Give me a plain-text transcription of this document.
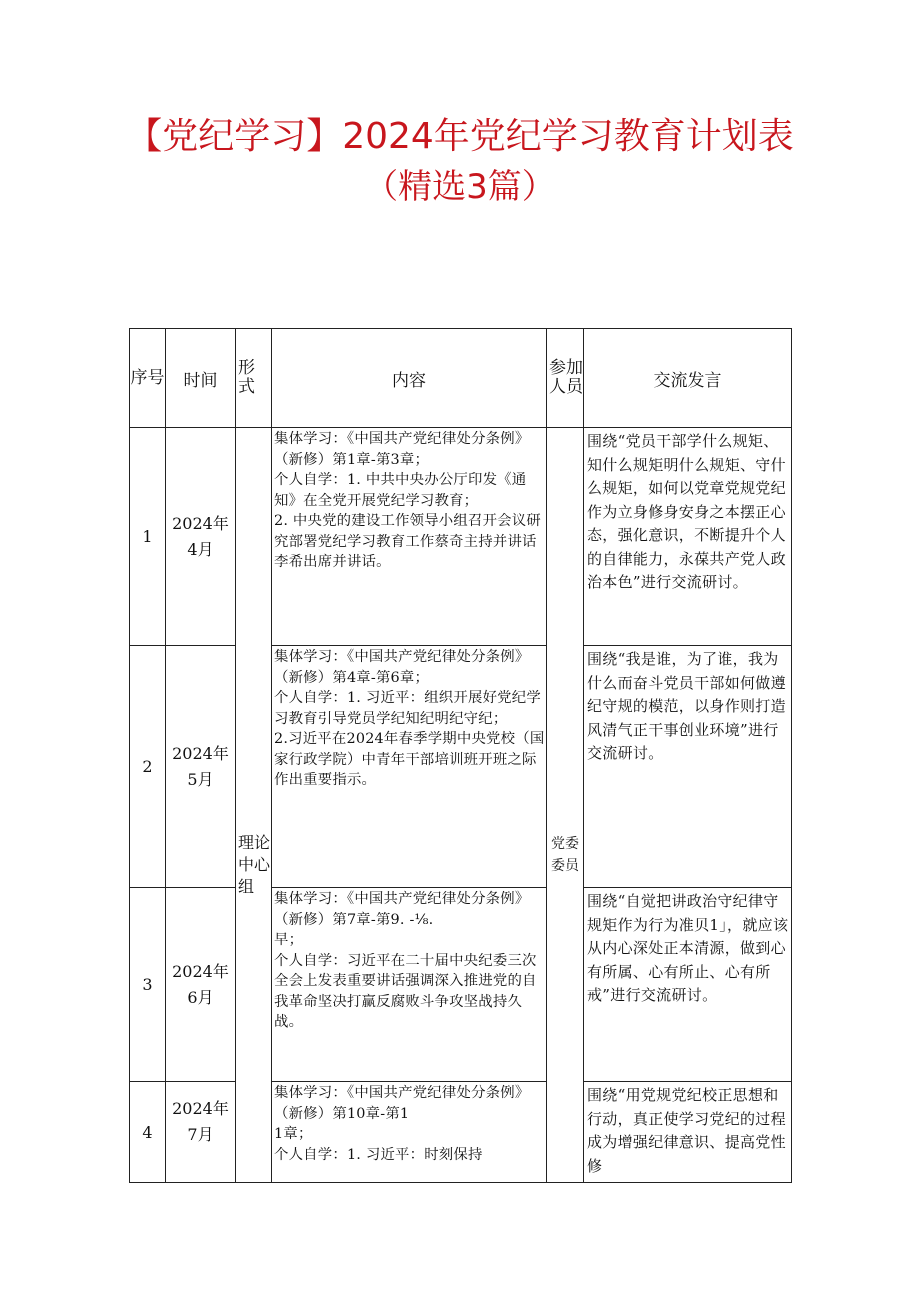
【党纪学习】2024年党纪学习教育计划表
（精选3篇）
序号	时间	形式	内容	参加人员	交流发言
1	2024年4月	理论中心组	集体学习：《中国共产党纪律处分条例》（新修）第1章-第3章；
个人自学：1. 中共中央办公厅印发《通知》在全党开展党纪学习教育；
2. 中央党的建设工作领导小组召开会议研究部署党纪学习教育工作蔡奇主持并讲话李希出席并讲话。	党委委员	围绕“党员干部学什么规矩、知什么规矩明什么规矩、守什么规矩，如何以党章党规党纪作为立身修身安身之本摆正心态，强化意识，不断提升个人的自律能力，永葆共产党人政治本色”进行交流研讨。
2	2024年5月		集体学习：《中国共产党纪律处分条例》（新修）第4章-第6章；
个人自学：1. 习近平：组织开展好党纪学习教育引导党员学纪知纪明纪守纪；
2.习近平在2024年春季学期中央党校（国家行政学院）中青年干部培训班开班之际作出重要指示。		围绕“我是谁，为了谁，我为什么而奋斗党员干部如何做遵纪守规的模范，以身作则打造风清气正干事创业环境”进行交流研讨。
3	2024年6月		集体学习：《中国共产党纪律处分条例》（新修）第7章-第9. -⅛.
早；
个人自学：习近平在二十届中央纪委三次全会上发表重要讲话强调深入推进党的自我革命坚决打赢反腐败斗争攻坚战持久战。		围绕“自觉把讲政治守纪律守规矩作为行为准贝1」，就应该从内心深处正本清源，做到心有所属、心有所止、心有所戒”进行交流研讨。
4	2024年7月		集体学习：《中国共产党纪律处分条例》（新修）第10章-第1
1章；
个人自学：1. 习近平：时刻保持		围绕“用党规党纪校正思想和行动，真正使学习党纪的过程成为增强纪律意识、提高党性修
